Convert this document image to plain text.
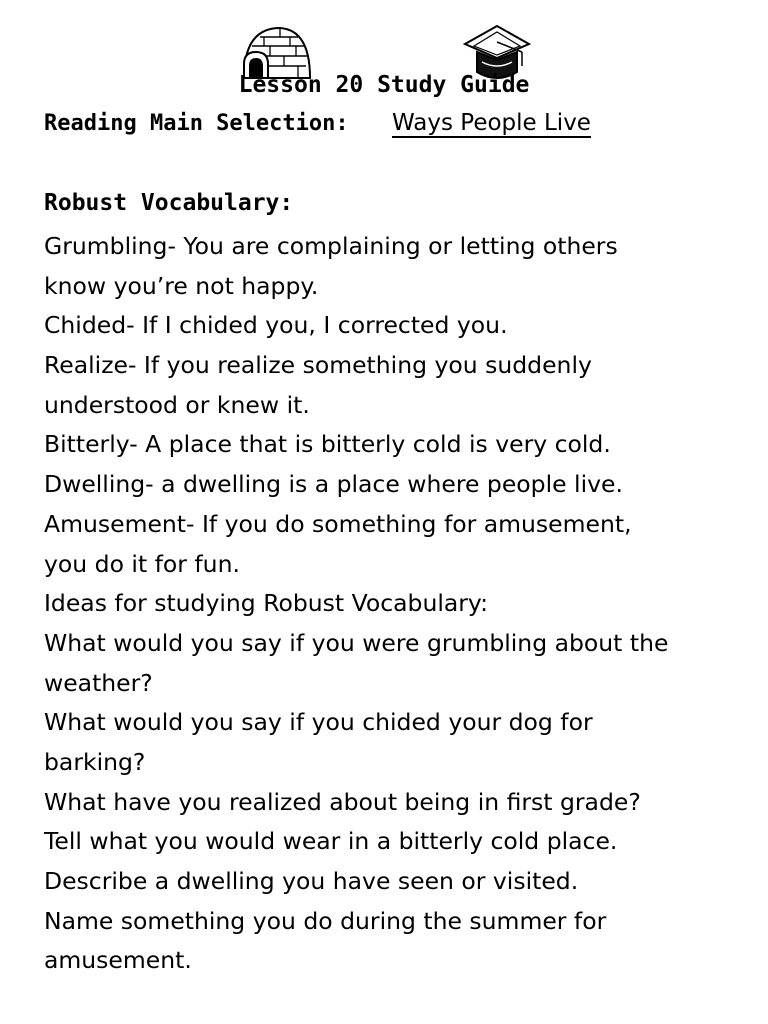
Lesson 20 Study Guide
Reading Main Selection: Ways People Live
Robust Vocabulary:
Grumbling- You are complaining or letting others
know you’re not happy.
Chided- If I chided you, I corrected you.
Realize- If you realize something you suddenly
understood or knew it.
Bitterly- A place that is bitterly cold is very cold.
Dwelling- a dwelling is a place where people live.
Amusement- If you do something for amusement,
you do it for fun.
Ideas for studying Robust Vocabulary:
What would you say if you were grumbling about the
weather?
What would you say if you chided your dog for
barking?
What have you realized about being in first grade?
Tell what you would wear in a bitterly cold place.
Describe a dwelling you have seen or visited.
Name something you do during the summer for
amusement.
